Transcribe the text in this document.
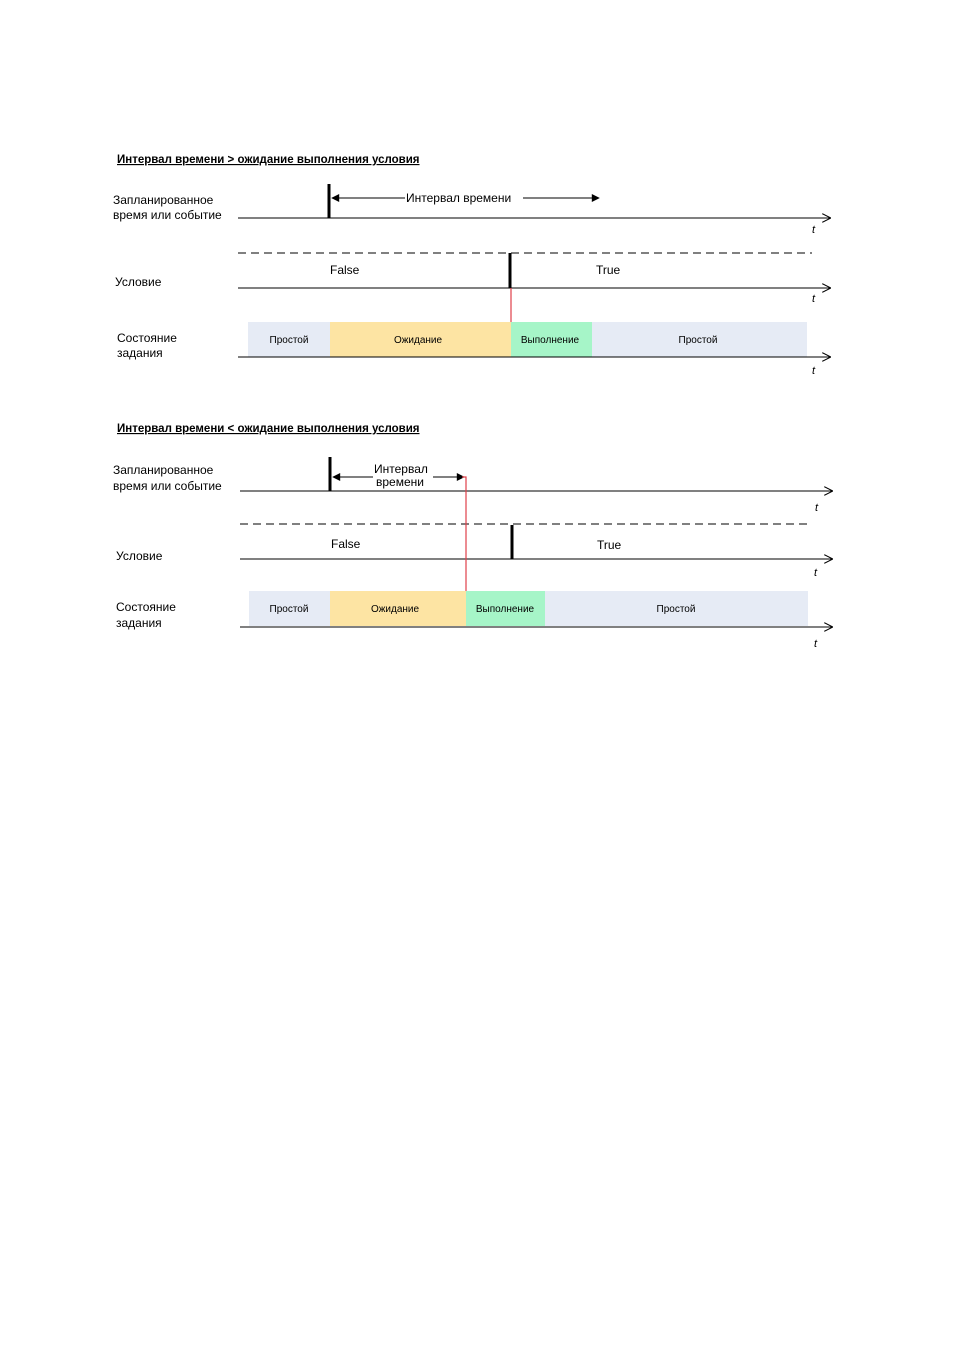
Интервал времени > ожидание выполнения условия
Запланированное
время или событие
Условие
Состояние
задания
t
Интервал времени
t
False	True
Простой	Ожидание	Выполнение	Простой
t
Интервал времени < ожидание выполнения условия
Запланированное
время или событие
Условие
Состояние
задания
t
Интервал
времени
t
False	True
Простой	Ожидание	Выполнение	Простой
t
